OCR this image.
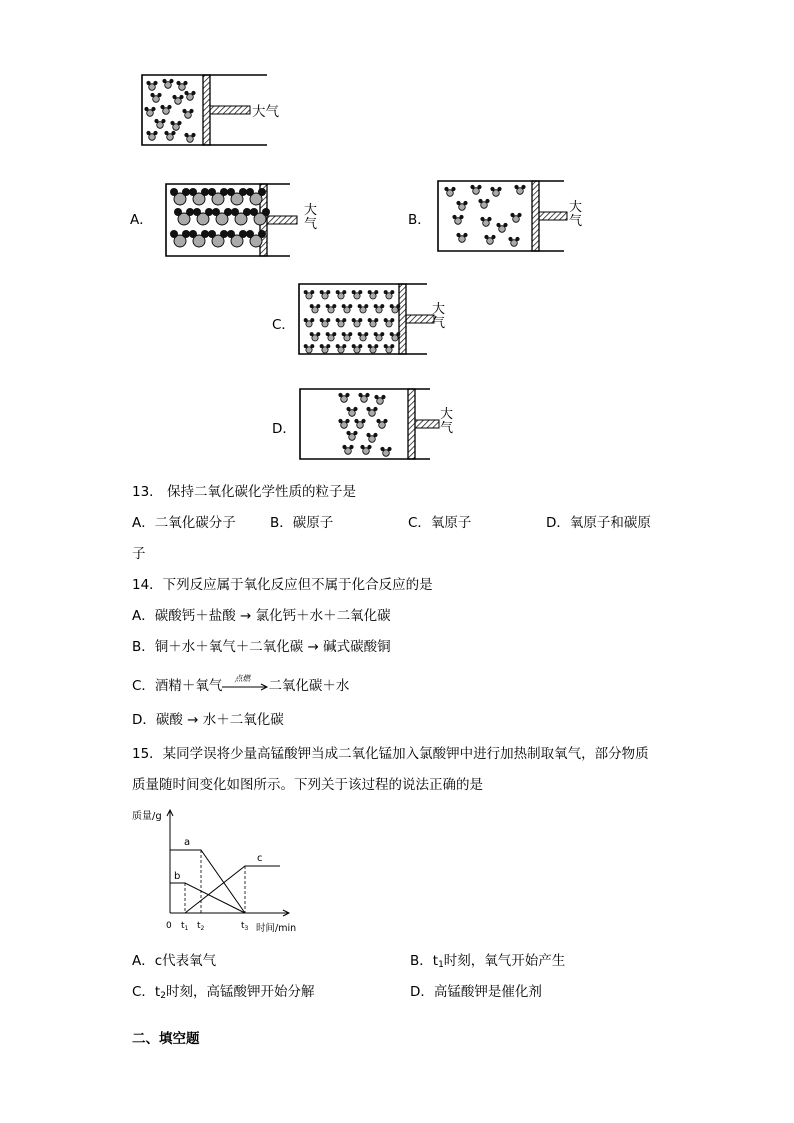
大气
A．
大
气	B．
大
气
C．
大
气
D．
大
气
13． 保持二氧化碳化学性质的粒子是
A．二氧化碳分子	B．碳原子	C．氧原子	D．氧原子和碳原
子
14．下列反应属于氧化反应但不属于化合反应的是
A．碳酸钙＋盐酸 → 氯化钙＋水＋二氧化碳
B．铜＋水＋氧气＋二氧化碳 → 碱式碳酸铜
C．酒精＋氧气 点燃 二氧化碳＋水
D．碳酸 → 水＋二氧化碳
15．某同学误将少量高锰酸钾当成二氧化锰加入氯酸钾中进行加热制取氧气，部分物质
质量随时间变化如图所示。下列关于该过程的说法正确的是
质量/g
时间/min
0 $t_1$ $t_2$	$t_3$
a
b
c
A．c代表氧气	B．$t_1$时刻，氧气开始产生
C．$t_2$时刻，高锰酸钾开始分解	D．高锰酸钾是催化剂
二、填空题
